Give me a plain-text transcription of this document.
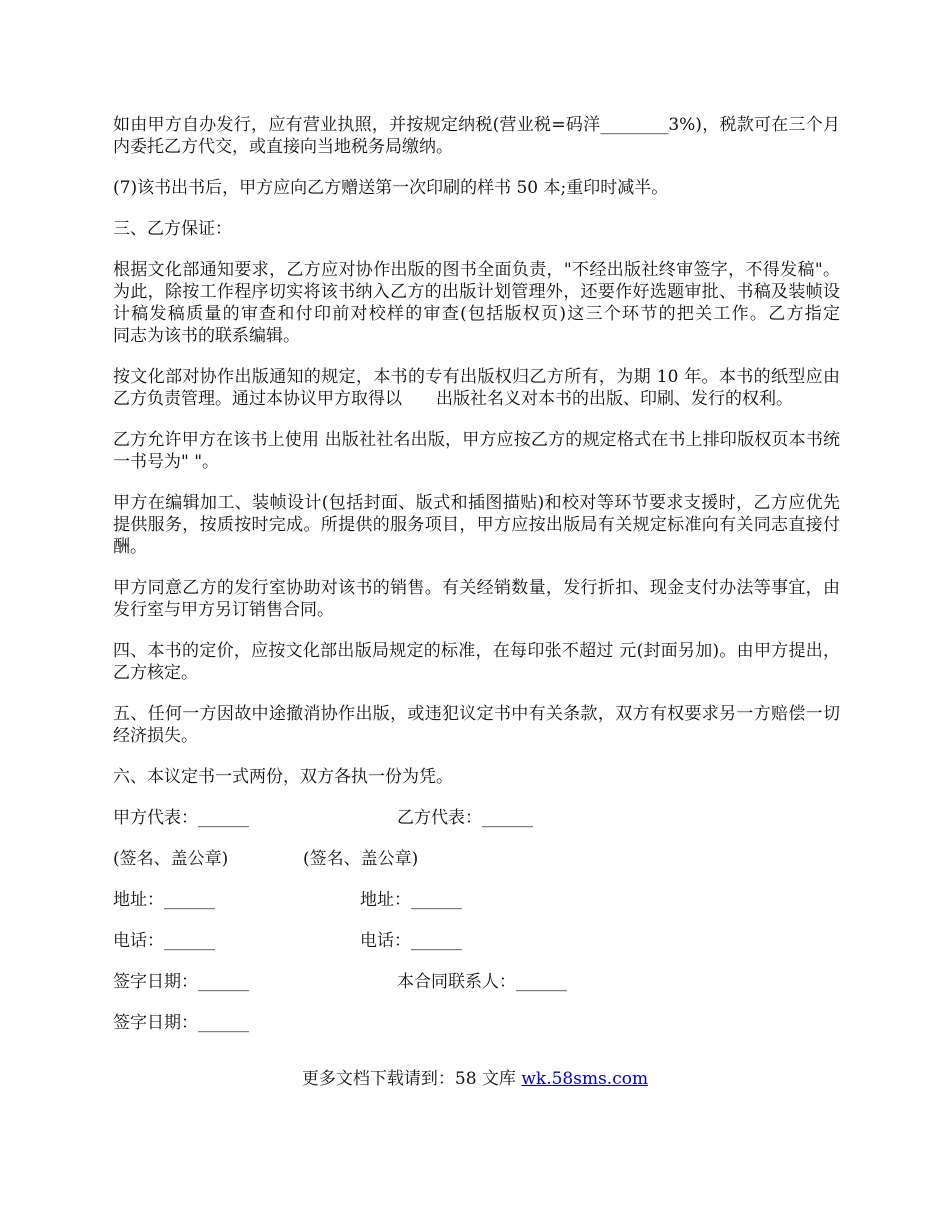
如由甲方自办发行，应有营业执照，并按规定纳税(营业税=码洋________3%)，税款可在三个月内委托乙方代交，或直接向当地税务局缴纳。

(7)该书出书后，甲方应向乙方赠送第一次印刷的样书 50 本;重印时减半。

三、乙方保证：

根据文化部通知要求，乙方应对协作出版的图书全面负责，"不经出版社终审签字，不得发稿"。为此，除按工作程序切实将该书纳入乙方的出版计划管理外，还要作好选题审批、书稿及装帧设计稿发稿质量的审查和付印前对校样的审查(包括版权页)这三个环节的把关工作。乙方指定　　同志为该书的联系编辑。

按文化部对协作出版通知的规定，本书的专有出版权归乙方所有，为期 10 年。本书的纸型应由乙方负责管理。通过本协议甲方取得以　　出版社名义对本书的出版、印刷、发行的权利。

乙方允许甲方在该书上使用 出版社社名出版，甲方应按乙方的规定格式在书上排印版权页本书统一书号为" "。

甲方在编辑加工、装帧设计(包括封面、版式和插图描贴)和校对等环节要求支援时，乙方应优先提供服务，按质按时完成。所提供的服务项目，甲方应按出版局有关规定标准向有关同志直接付酬。

甲方同意乙方的发行室协助对该书的销售。有关经销数量，发行折扣、现金支付办法等事宜，由发行室与甲方另订销售合同。

四、本书的定价，应按文化部出版局规定的标准，在每印张不超过 元(封面另加)。由甲方提出，乙方核定。

五、任何一方因故中途撤消协作出版，或违犯议定书中有关条款，双方有权要求另一方赔偿一切经济损失。

六、本议定书一式两份，双方各执一份为凭。

甲方代表：______	乙方代表：______
(签名、盖公章)	(签名、盖公章)
地址：______	地址：______
电话：______	电话：______
签字日期：______	本合同联系人：______
签字日期：______
更多文档下载请到：58 文库 wk.58sms.com
